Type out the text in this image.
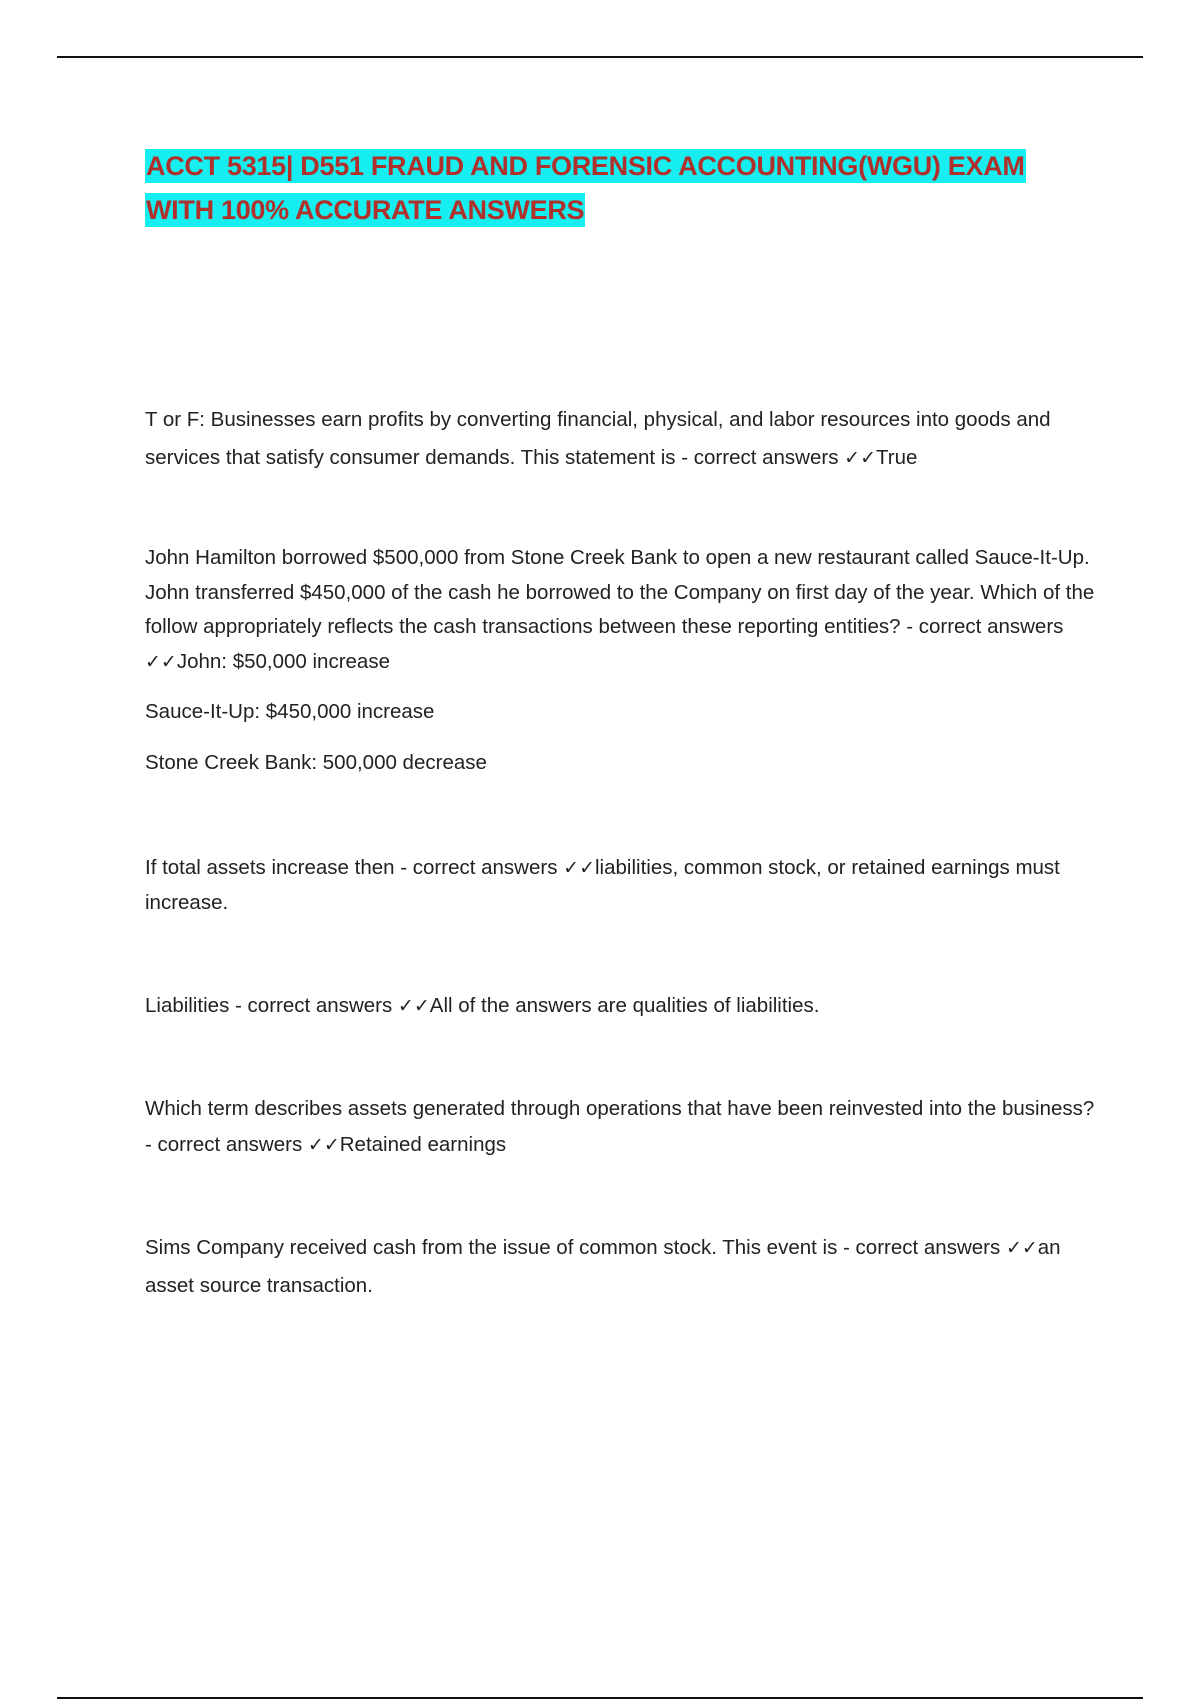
ACCT 5315| D551 FRAUD AND FORENSIC ACCOUNTING(WGU) EXAM WITH 100% ACCURATE ANSWERS

T or F: Businesses earn profits by converting financial, physical, and labor resources into goods and services that satisfy consumer demands. This statement is - correct answers ✓✓True

John Hamilton borrowed $500,000 from Stone Creek Bank to open a new restaurant called Sauce-It-Up. John transferred $450,000 of the cash he borrowed to the Company on first day of the year. Which of the follow appropriately reflects the cash transactions between these reporting entities? - correct answers ✓✓John: $50,000 increase

Sauce-It-Up: $450,000 increase

Stone Creek Bank: 500,000 decrease

If total assets increase then - correct answers ✓✓liabilities, common stock, or retained earnings must increase.

Liabilities - correct answers ✓✓All of the answers are qualities of liabilities.

Which term describes assets generated through operations that have been reinvested into the business? - correct answers ✓✓Retained earnings

Sims Company received cash from the issue of common stock. This event is - correct answers ✓✓an asset source transaction.
